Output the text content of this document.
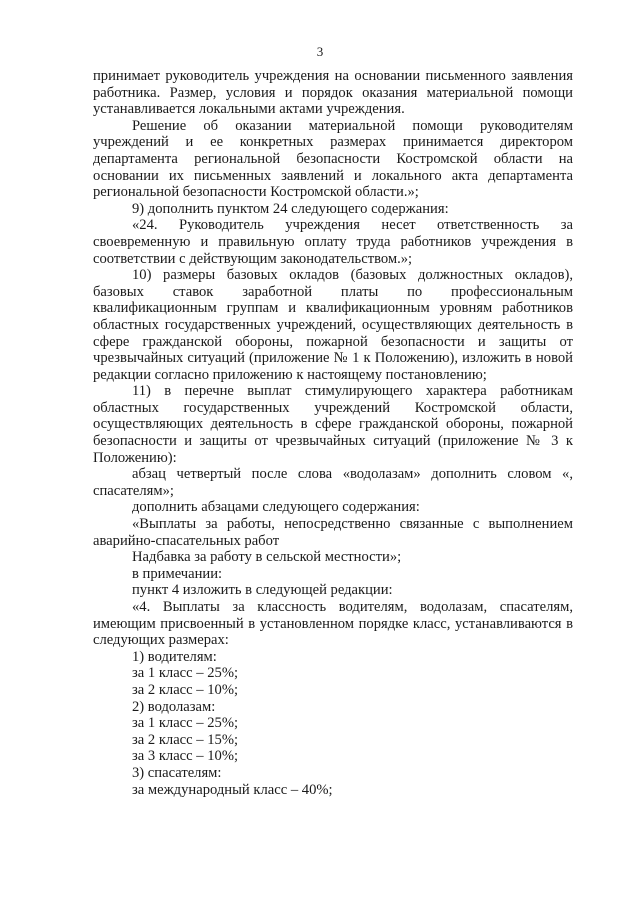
3

принимает руководитель учреждения на основании письменного заявления работника. Размер, условия и порядок оказания материальной помощи устанавливается локальными актами учреждения.

Решение об оказании материальной помощи руководителям учреждений и ее конкретных размерах принимается директором департамента региональной безопасности Костромской области на основании их письменных заявлений и локального акта департамента региональной безопасности Костромской области.»;

9) дополнить пунктом 24 следующего содержания:

«24. Руководитель учреждения несет ответственность за своевременную и правильную оплату труда работников учреждения в соответствии с действующим законодательством.»;

10) размеры базовых окладов (базовых должностных окладов), базовых ставок заработной платы по профессиональным квалификационным группам и квалификационным уровням работников областных государственных учреждений, осуществляющих деятельность в сфере гражданской обороны, пожарной безопасности и защиты от чрезвычайных ситуаций (приложение № 1 к Положению), изложить в новой редакции согласно приложению к настоящему постановлению;

11) в перечне выплат стимулирующего характера работникам областных государственных учреждений Костромской области, осуществляющих деятельность в сфере гражданской обороны, пожарной безопасности и защиты от чрезвычайных ситуаций (приложение № 3 к Положению):

абзац четвертый после слова «водолазам» дополнить словом «, спасателям»;

дополнить абзацами следующего содержания:

«Выплаты за работы, непосредственно связанные с выполнением аварийно-спасательных работ

Надбавка за работу в сельской местности»;

в примечании:

пункт 4 изложить в следующей редакции:

«4. Выплаты за классность водителям, водолазам, спасателям, имеющим присвоенный в установленном порядке класс, устанавливаются в следующих размерах:

1) водителям:

за 1 класс – 25%;

за 2 класс – 10%;

2) водолазам:

за 1 класс – 25%;

за 2 класс – 15%;

за 3 класс – 10%;

3) спасателям:

за международный класс – 40%;
